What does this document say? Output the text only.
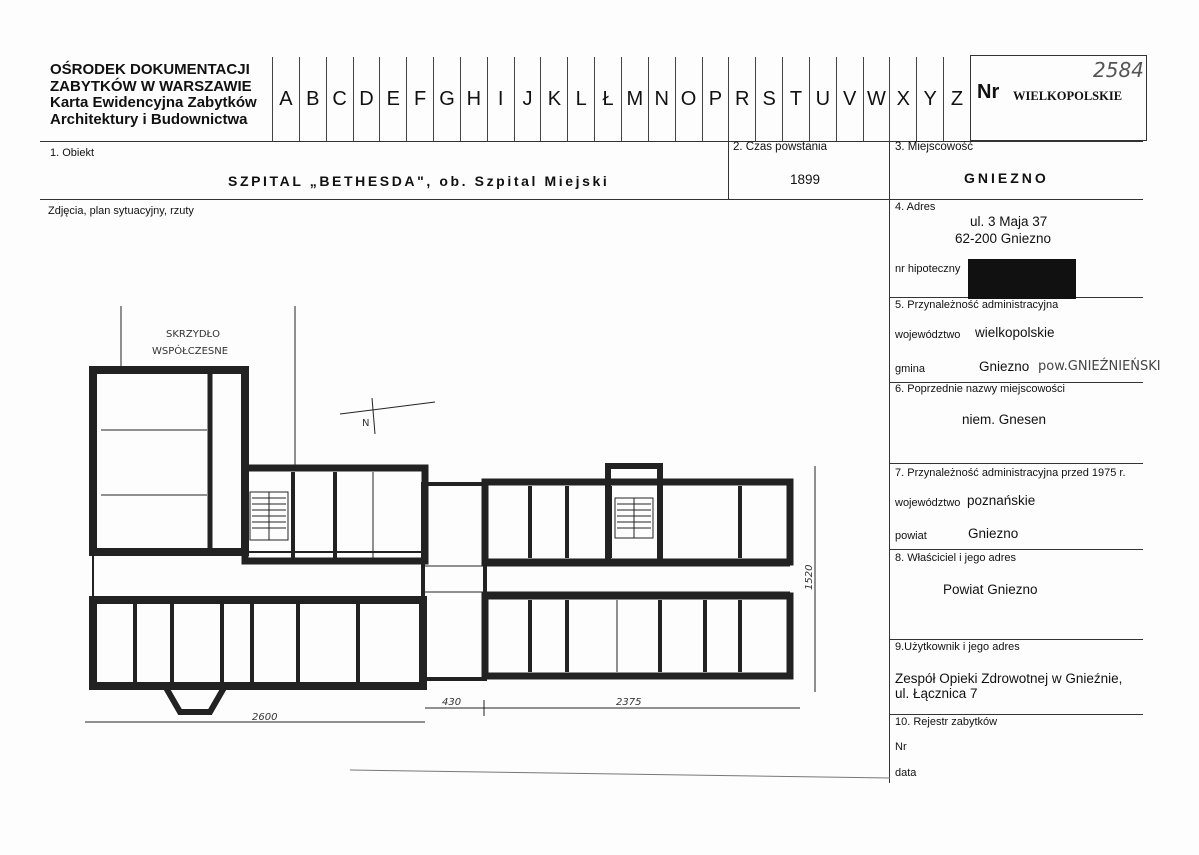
OŚRODEK DOKUMENTACJI
ZABYTKÓW W WARSZAWIE
Karta Ewidencyjna Zabytków
Architektury i Budownictwa
A B C D E F G H I J K L Ł M N O P R S T U V W X Y Z Nr WIELKOPOLSKIE
2584
1. Obiekt
SZPITAL „BETHESDA", ob. Szpital Miejski
2. Czas powstania
1899
3. Miejscowość
GNIEZNO
Zdjęcia, plan sytuacyjny, rzuty	4. Adres
ul. 3 Maja 37
62-200 Gniezno
nr hipoteczny
5. Przynależność administracyjna
województwo wielkopolskie
gmina	Gniezno pow.GNIEŹNIEŃSKI
6. Poprzednie nazwy miejscowości
niem. Gnesen
7. Przynależność administracyjna przed 1975 r.
województwo poznańskie
powiat	Gniezno
8. Właściciel i jego adres
Powiat Gniezno
9.Użytkownik i jego adres
Zespół Opieki Zdrowotnej w Gnieźnie,
ul. Łącznica 7
10. Rejestr zabytków
Nr
data
SKRZYDŁO
WSPÓŁCZESNE
N
2600
430	2375
1520
